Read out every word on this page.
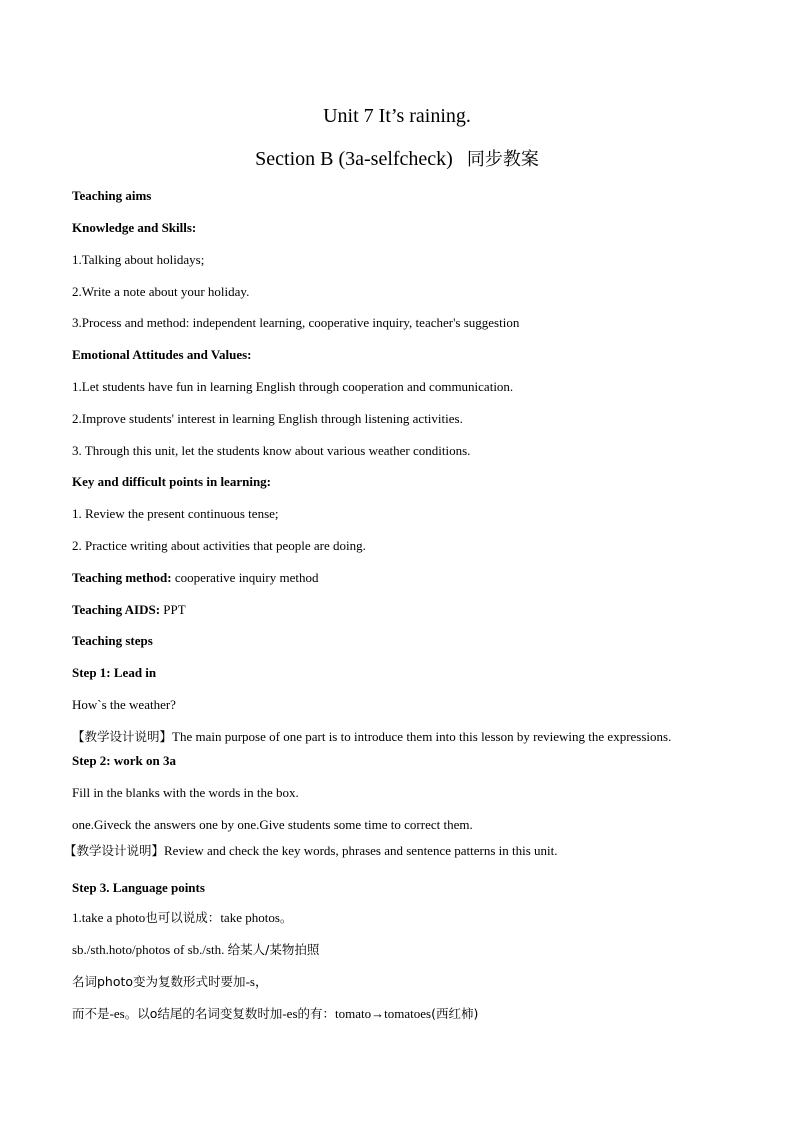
Unit 7 It’s raining.
Section B (3a-selfcheck) 同步教案
Teaching aims
Knowledge and Skills:
1.Talking about holidays;
2.Write a note about your holiday.
3.Process and method: independent learning, cooperative inquiry, teacher's suggestion
Emotional Attitudes and Values:
1.Let students have fun in learning English through cooperation and communication.
2.Improve students' interest in learning English through listening activities.
3. Through this unit, let the students know about various weather conditions.
Key and difficult points in learning:
1. Review the present continuous tense;
2. Practice writing about activities that people are doing.
Teaching method: cooperative inquiry method
Teaching AIDS: PPT
Teaching steps
Step 1: Lead in
How`s the weather?
【教学设计说明】The main purpose of one part is to introduce them into this lesson by reviewing the expressions.
Step 2: work on 3a
Fill in the blanks with the words in the box.
one.Giveck the answers one by one.Give students some time to correct them.
【教学设计说明】Review and check the key words, phrases and sentence patterns in this unit.
Step 3. Language points
1.take a photo也可以说成：take photos。
sb./sth.hoto/photos of sb./sth. 给某人/某物拍照
名词photo变为复数形式时要加-s，
而不是-es。以o结尾的名词变复数时加-es的有：tomato→tomatoes(西红柿)
